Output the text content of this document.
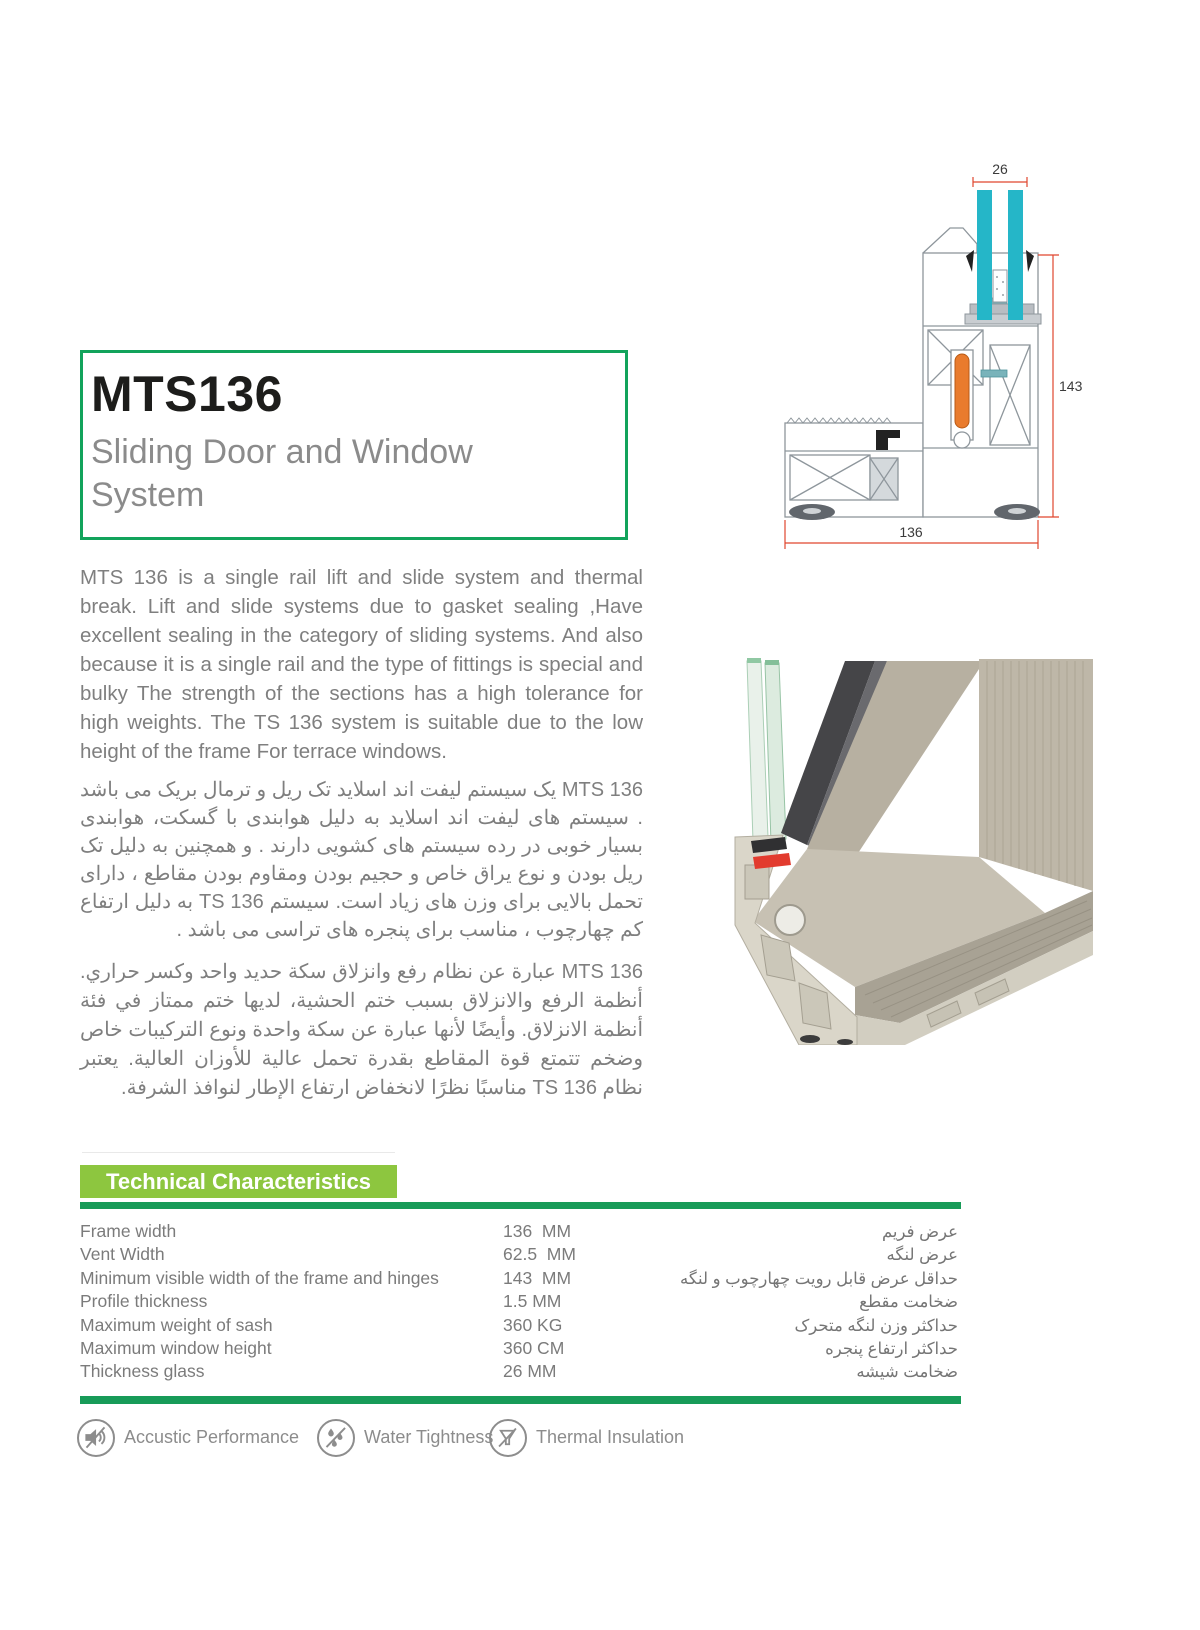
MTS136
Sliding Door and Window System
26
143
136
MTS 136 is a single rail lift and slide system and thermal break. Lift and slide systems due to gasket sealing ,Have excellent sealing in the category of sliding systems. And also because it is a single rail and the type of fittings is special and bulky The strength of the sections has a high tolerance for high weights. The TS 136 system is suitable due to the low height of the frame For terrace windows.
MTS 136 یک سیستم لیفت اند اسلاید تک ریل و ترمال بریک می باشد . سیستم های لیفت اند اسلاید به دلیل هوابندی با گسکت، هوابندی بسیار خوبی در رده سیستم های کشویی دارند . و همچنین به دلیل تک ریل بودن و نوع یراق خاص و حجیم بودن ومقاوم بودن مقاطع ، دارای تحمل بالایی برای وزن های زیاد است. سیستم TS 136 به دلیل ارتفاع کم چهارچوب ، مناسب برای پنجره های تراسی می باشد .
MTS 136 عبارة عن نظام رفع وانزلاق سكة حديد واحد وكسر حراري. أنظمة الرفع والانزلاق بسبب ختم الحشية، لديها ختم ممتاز في فئة أنظمة الانزلاق. وأيضًا لأنها عبارة عن سكة واحدة ونوع التركيبات خاص وضخم تتمتع قوة المقاطع بقدرة تحمل عالية للأوزان العالية. يعتبر نظام TS 136 مناسبًا نظرًا لانخفاض ارتفاع الإطار لنوافذ الشرفة.
Technical Characteristics
Frame width	136  MM	عرض فریم
Vent Width	62.5  MM	عرض لنگه
Minimum visible width of the frame and hinges	143  MM	حداقل عرض قابل رویت چهارچوب و لنگه
Profile thickness	1.5 MM	ضخامت مقطع
Maximum weight of sash	360 KG	حداکثر وزن لنگه متحرک
Maximum window height	360 CM	حداکثر ارتفاع پنجره
Thickness glass	26 MM	ضخامت شیشه
Accustic Performance	Water Tightness Thermal Insulation
